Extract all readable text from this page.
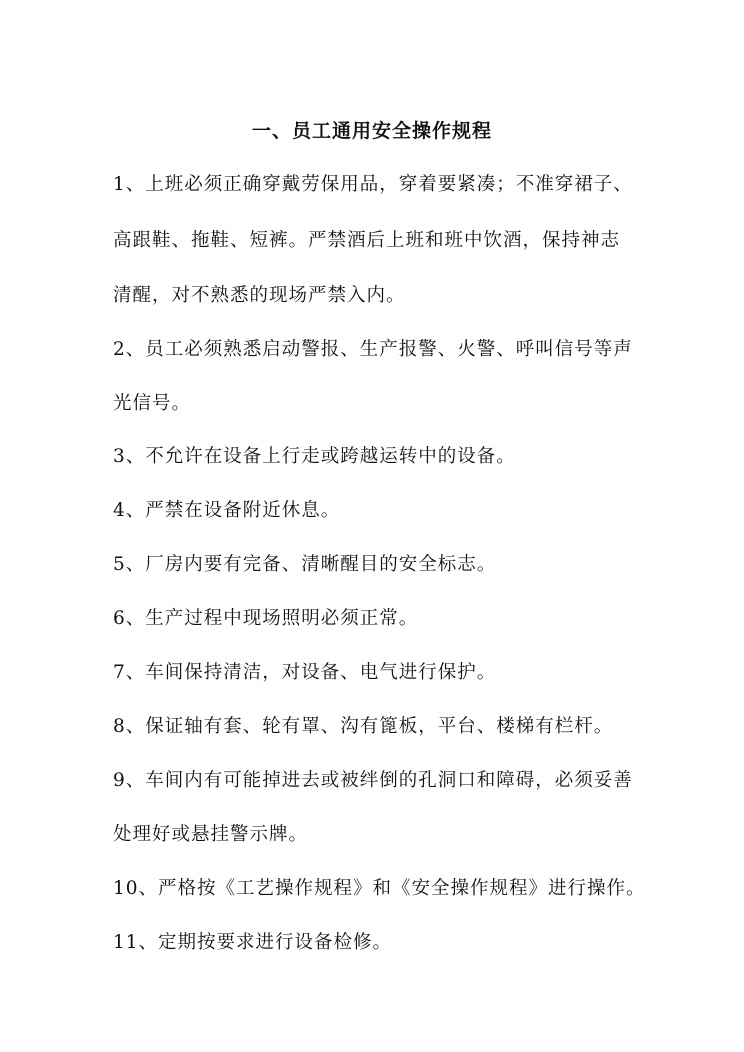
一、员工通用安全操作规程
1、上班必须正确穿戴劳保用品，穿着要紧凑；不准穿裙子、
高跟鞋、拖鞋、短裤。严禁酒后上班和班中饮酒，保持神志
清醒，对不熟悉的现场严禁入内。
2、员工必须熟悉启动警报、生产报警、火警、呼叫信号等声
光信号。
3、不允许在设备上行走或跨越运转中的设备。
4、严禁在设备附近休息。
5、厂房内要有完备、清晰醒目的安全标志。
6、生产过程中现场照明必须正常。
7、车间保持清洁，对设备、电气进行保护。
8、保证轴有套、轮有罩、沟有篦板，平台、楼梯有栏杆。
9、车间内有可能掉进去或被绊倒的孔洞口和障碍，必须妥善
处理好或悬挂警示牌。
10、严格按《工艺操作规程》和《安全操作规程》进行操作。
11、定期按要求进行设备检修。
